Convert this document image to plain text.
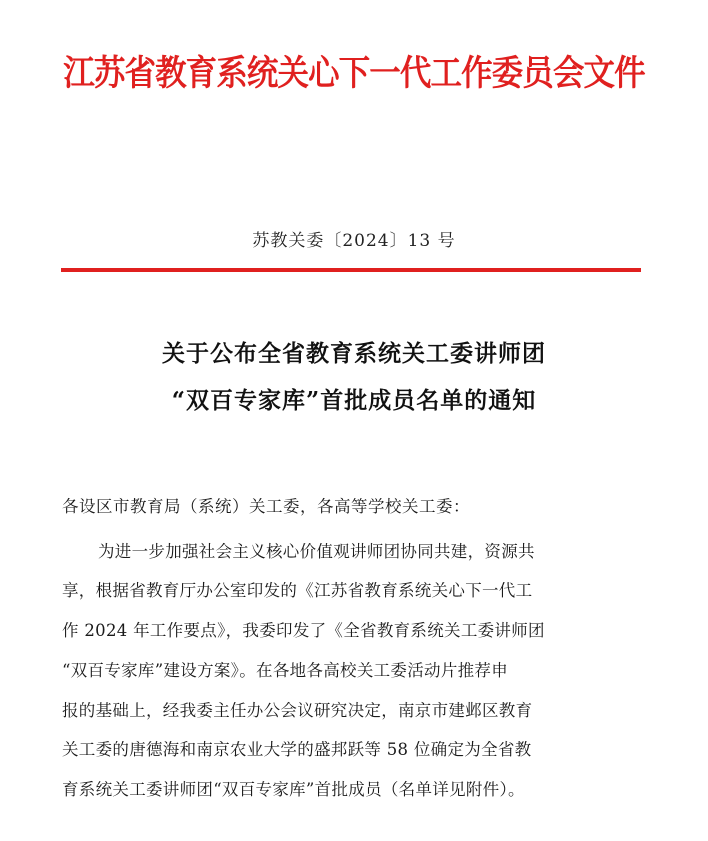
江苏省教育系统关心下一代工作委员会文件
苏教关委〔2024〕13 号
关于公布全省教育系统关工委讲师团
“双百专家库”首批成员名单的通知
各设区市教育局（系统）关工委，各高等学校关工委：
为进一步加强社会主义核心价值观讲师团协同共建，资源共
享，根据省教育厅办公室印发的《江苏省教育系统关心下一代工
作 2024 年工作要点》，我委印发了《全省教育系统关工委讲师团
“双百专家库”建设方案》。在各地各高校关工委活动片推荐申
报的基础上，经我委主任办公会议研究决定，南京市建邺区教育
关工委的唐德海和南京农业大学的盛邦跃等 58 位确定为全省教
育系统关工委讲师团“双百专家库”首批成员（名单详见附件）。
